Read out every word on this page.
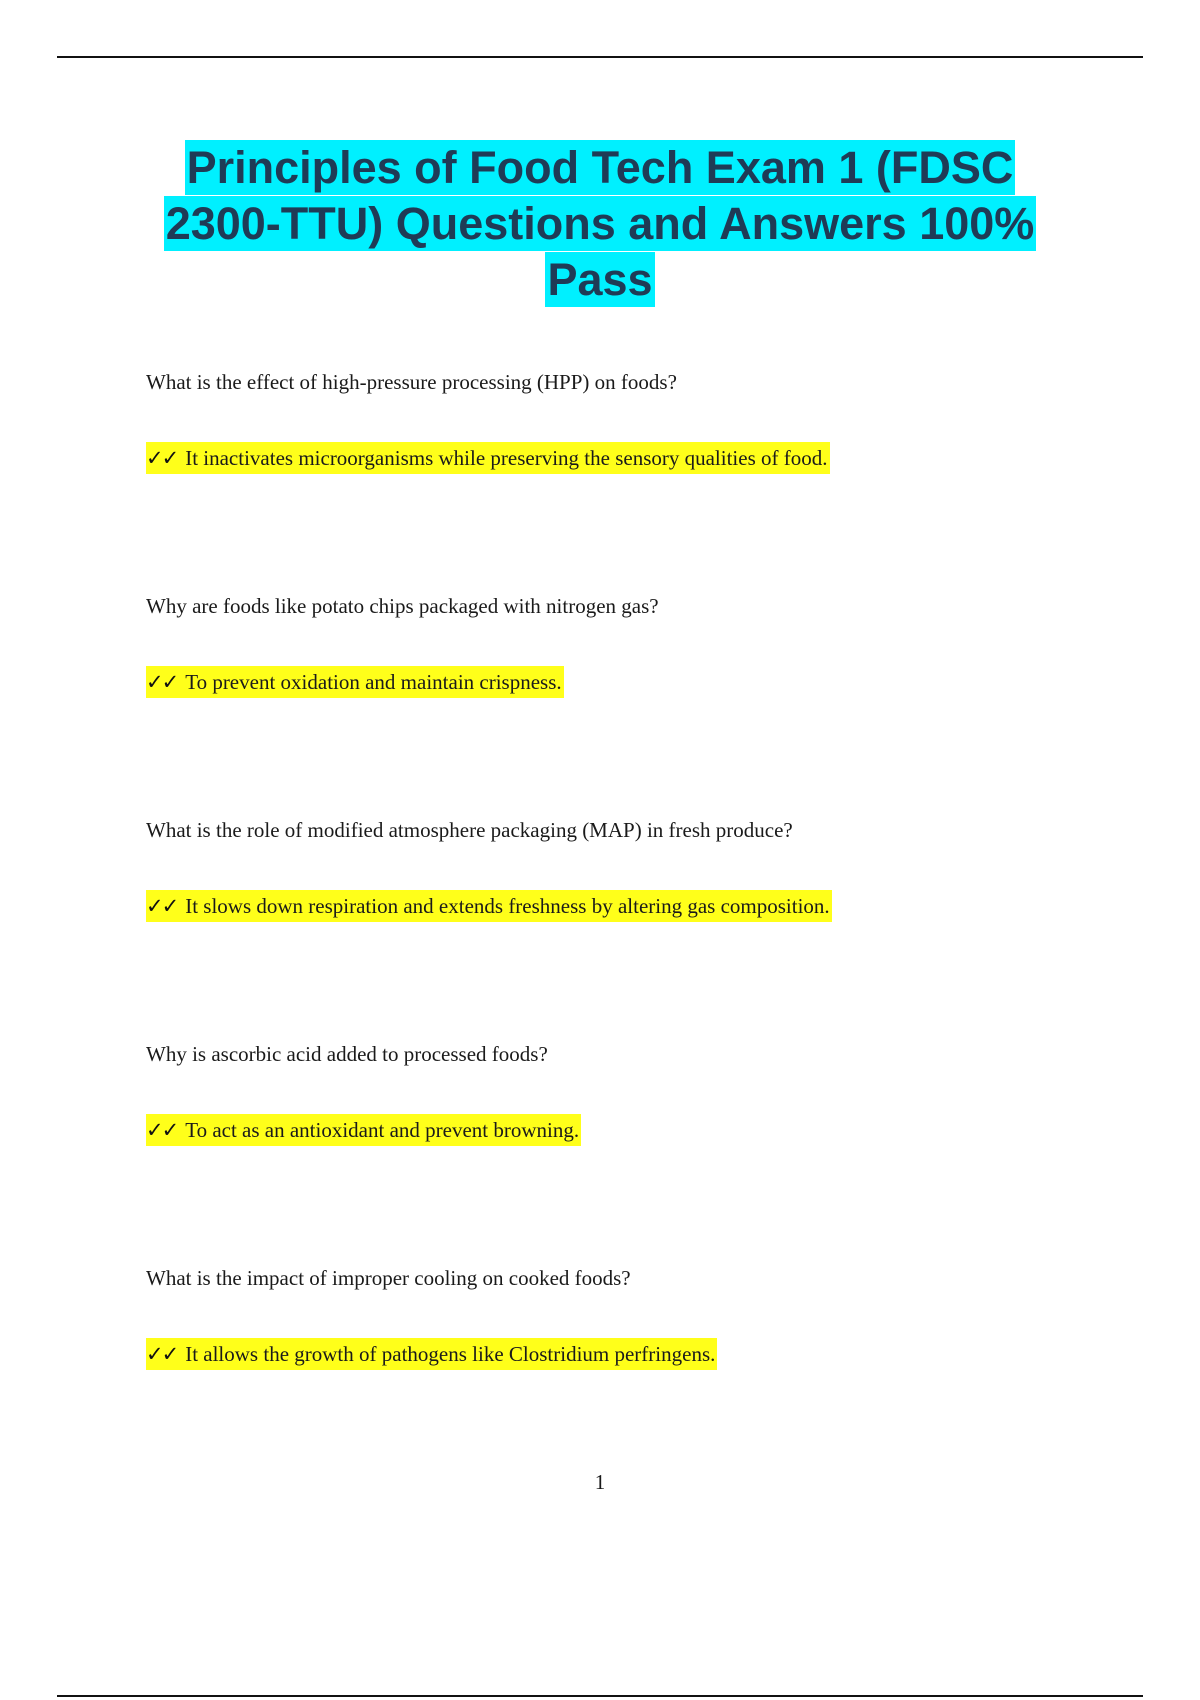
Principles of Food Tech Exam 1 (FDSC
2300-TTU) Questions and Answers 100%
Pass
What is the effect of high-pressure processing (HPP) on foods?
✓✓ It inactivates microorganisms while preserving the sensory qualities of food.
Why are foods like potato chips packaged with nitrogen gas?
✓✓ To prevent oxidation and maintain crispness.
What is the role of modified atmosphere packaging (MAP) in fresh produce?
✓✓ It slows down respiration and extends freshness by altering gas composition.
Why is ascorbic acid added to processed foods?
✓✓ To act as an antioxidant and prevent browning.
What is the impact of improper cooling on cooked foods?
✓✓ It allows the growth of pathogens like Clostridium perfringens.
1
